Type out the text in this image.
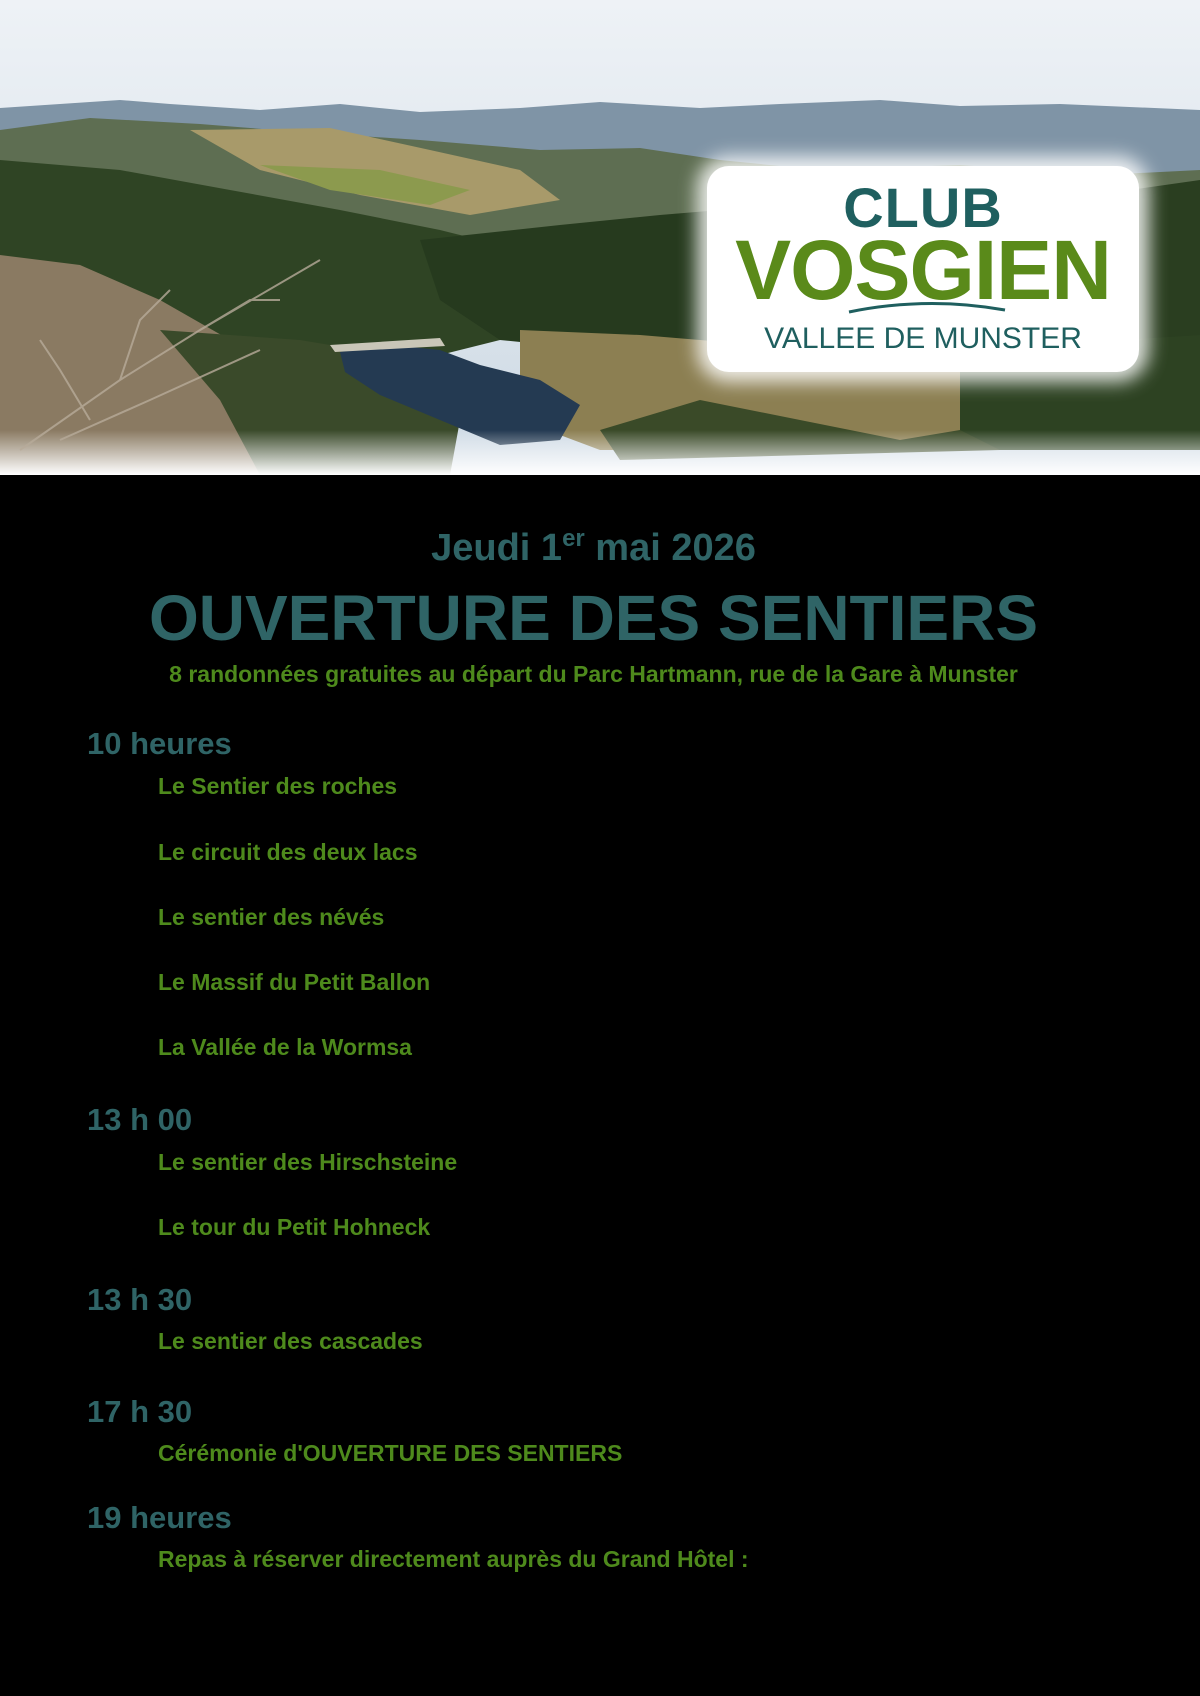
CLUB
VOSGIEN
VALLEE DE MUNSTER
Jeudi 1er mai 2026
OUVERTURE DES SENTIERS
8 randonnées gratuites au départ du Parc Hartmann, rue de la Gare à Munster
10 heures
Le Sentier des roches
Le circuit des deux lacs
Le sentier des névés
Le Massif du Petit Ballon
La Vallée de la Wormsa
13 h 00
Le sentier des Hirschsteine
Le tour du Petit Hohneck
13 h 30
Le sentier des cascades
17 h 30
Cérémonie d'OUVERTURE DES SENTIERS
19 heures
Repas à réserver directement auprès du Grand Hôtel :
